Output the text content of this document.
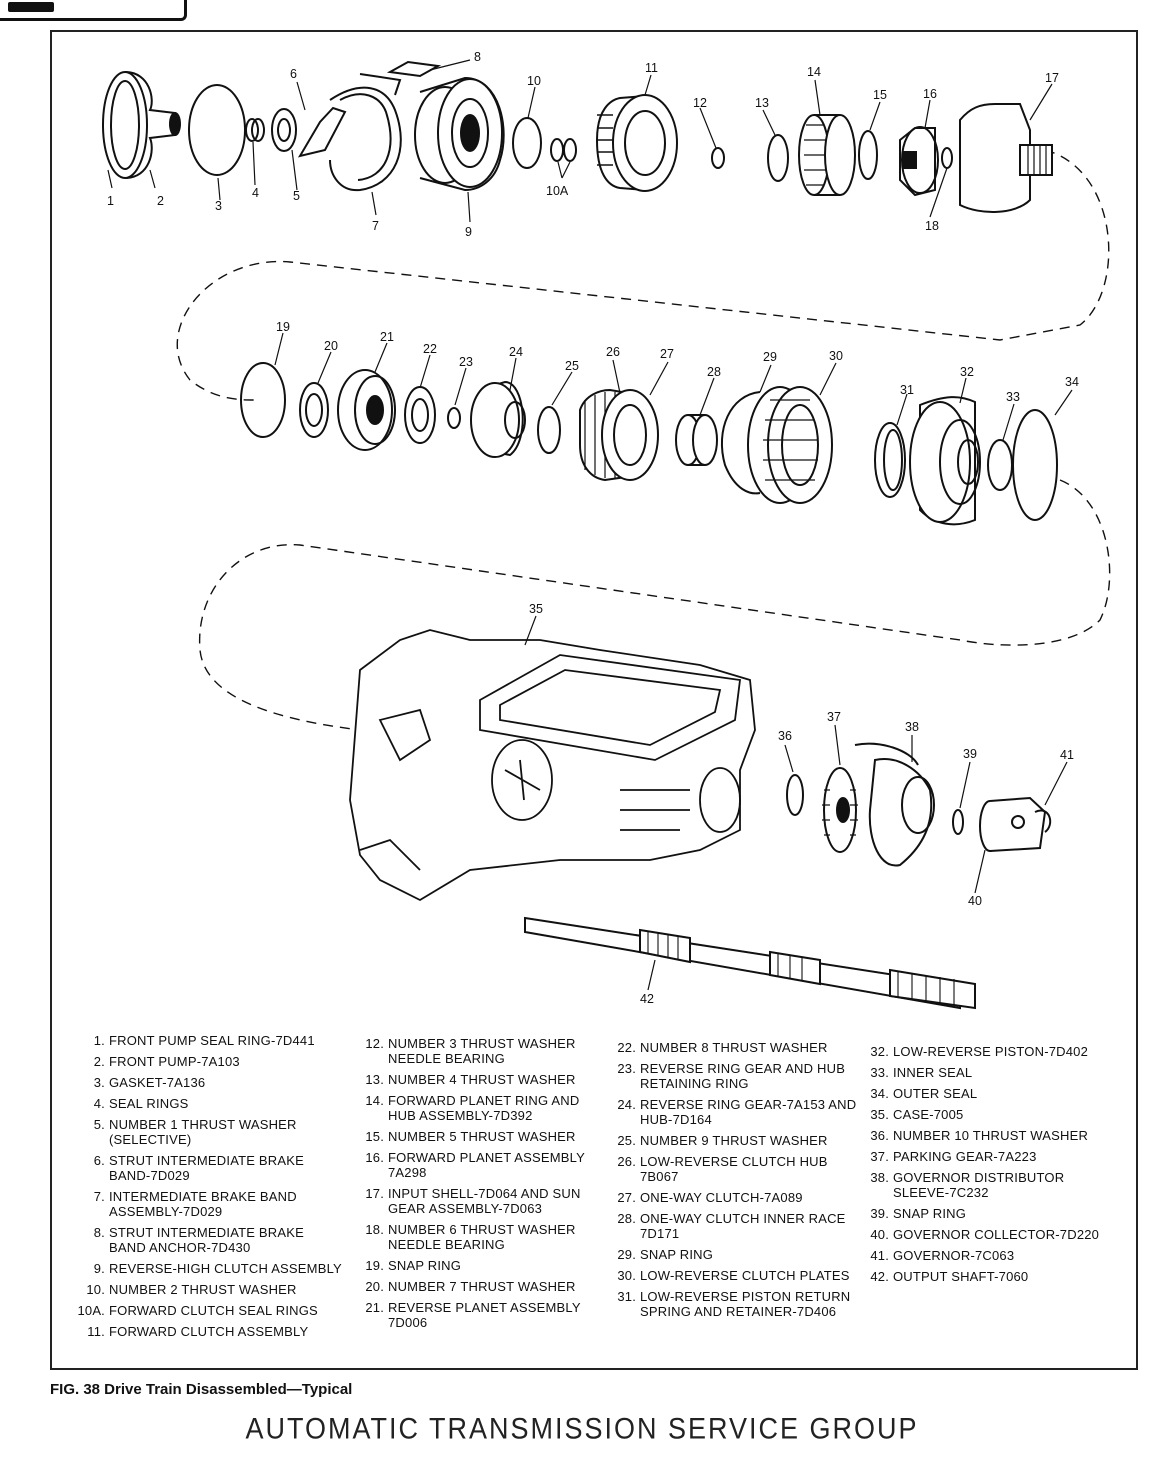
1	2	3
4	5
6
7
8
9
10
10A
11
12	13
14
15	16
17
18
19
20
21
22
23
24
25
26	27
28
29	30
31
32
33
34
35
36
37
38
39
40
41
42
1. FRONT PUMP SEAL RING-7D441
2. FRONT PUMP-7A103
3. GASKET-7A136
4. SEAL RINGS
5. NUMBER 1 THRUST WASHER (SELECTIVE)
6. STRUT INTERMEDIATE BRAKE BAND-7D029
7. INTERMEDIATE BRAKE BAND ASSEMBLY-7D029
8. STRUT INTERMEDIATE BRAKE BAND ANCHOR-7D430
9. REVERSE-HIGH CLUTCH ASSEMBLY
10. NUMBER 2 THRUST WASHER
10A. FORWARD CLUTCH SEAL RINGS
11. FORWARD CLUTCH ASSEMBLY
12. NUMBER 3 THRUST WASHER NEEDLE BEARING
13. NUMBER 4 THRUST WASHER
14. FORWARD PLANET RING AND HUB ASSEMBLY-7D392
15. NUMBER 5 THRUST WASHER
16. FORWARD PLANET ASSEMBLY 7A298
17. INPUT SHELL-7D064 AND SUN GEAR ASSEMBLY-7D063
18. NUMBER 6 THRUST WASHER NEEDLE BEARING
19. SNAP RING
20. NUMBER 7 THRUST WASHER
21. REVERSE PLANET ASSEMBLY 7D006
22. NUMBER 8 THRUST WASHER
23. REVERSE RING GEAR AND HUB RETAINING RING
24. REVERSE RING GEAR-7A153 AND HUB-7D164
25. NUMBER 9 THRUST WASHER
26. LOW-REVERSE CLUTCH HUB 7B067
27. ONE-WAY CLUTCH-7A089
28. ONE-WAY CLUTCH INNER RACE 7D171
29. SNAP RING
30. LOW-REVERSE CLUTCH PLATES
31. LOW-REVERSE PISTON RETURN SPRING AND RETAINER-7D406
32. LOW-REVERSE PISTON-7D402
33. INNER SEAL
34. OUTER SEAL
35. CASE-7005
36. NUMBER 10 THRUST WASHER
37. PARKING GEAR-7A223
38. GOVERNOR DISTRIBUTOR SLEEVE-7C232
39. SNAP RING
40. GOVERNOR COLLECTOR-7D220
41. GOVERNOR-7C063
42. OUTPUT SHAFT-7060
FIG. 38 Drive Train Disassembled—Typical
AUTOMATIC TRANSMISSION SERVICE GROUP
